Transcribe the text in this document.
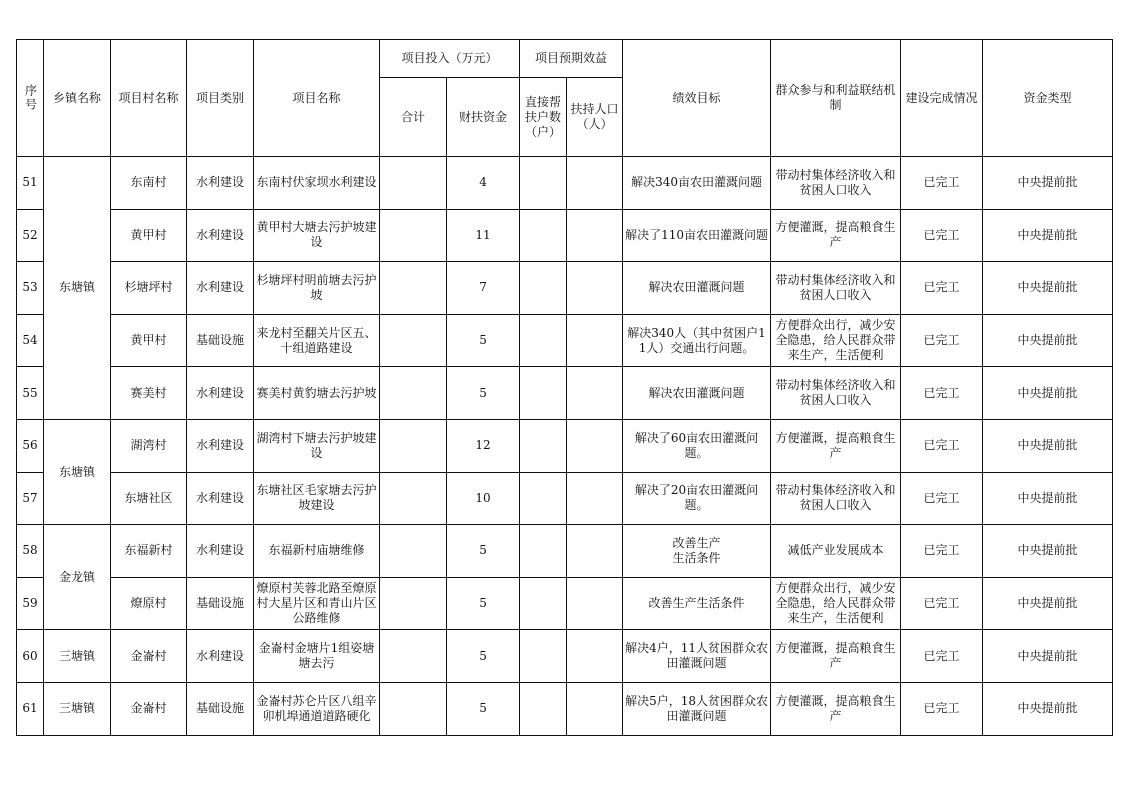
序号	乡镇名称	项目村名称	项目类别	项目名称	项目投入（万元）		项目预期效益		绩效目标	群众参与和利益联结机制	建设完成情况	资金类型
					合计	财扶资金	直接帮扶户数（户）	扶持人口（人）				
51	东塘镇	东南村	水利建设	东南村伏家坝水利建设		4			解决340亩农田灌溉问题	带动村集体经济收入和贫困人口收入	已完工	中央提前批

52		黄甲村	水利建设	黄甲村大塘去污护坡建设		11			解决了110亩农田灌溉问题	方便灌溉，提高粮食生产	已完工	中央提前批

53		杉塘坪村	水利建设	杉塘坪村明前塘去污护坡		7			解决农田灌溉问题	带动村集体经济收入和贫困人口收入	已完工	中央提前批

54		黄甲村	基础设施	来龙村至翻关片区五、十组道路建设		5			解决340人（其中贫困户11人）交通出行问题。	方便群众出行，减少安全隐患，给人民群众带来生产，生活便利	已完工	中央提前批

55		赛美村	水利建设	赛美村黄豹塘去污护坡		5			解决农田灌溉问题	带动村集体经济收入和贫困人口收入	已完工	中央提前批

56	东塘镇	湖湾村	水利建设	湖湾村下塘去污护坡建设		12			解决了60亩农田灌溉问题。	方便灌溉，提高粮食生产	已完工	中央提前批

57		东塘社区	水利建设	东塘社区毛家塘去污护坡建设		10			解决了20亩农田灌溉问题。	带动村集体经济收入和贫困人口收入	已完工	中央提前批

58	金龙镇	东福新村	水利建设	东福新村庙塘维修		5			改善生产
生活条件	减低产业发展成本	已完工	中央提前批

59		燎原村	基础设施	燎原村芙蓉北路至燎原村大星片区和青山片区公路维修		5			改善生产生活条件	方便群众出行，减少安全隐患，给人民群众带来生产，生活便利	已完工	中央提前批

60	三塘镇	金崙村	水利建设	金崙村金塘片1组姿塘塘去污		5			解决4户，11人贫困群众农田灌溉问题	方便灌溉，提高粮食生产	已完工	中央提前批

61	三塘镇	金崙村	基础设施	金崙村苏仑片区八组辛卯机埠通道道路硬化		5			解决5户，18人贫困群众农田灌溉问题	方便灌溉，提高粮食生产	已完工	中央提前批
